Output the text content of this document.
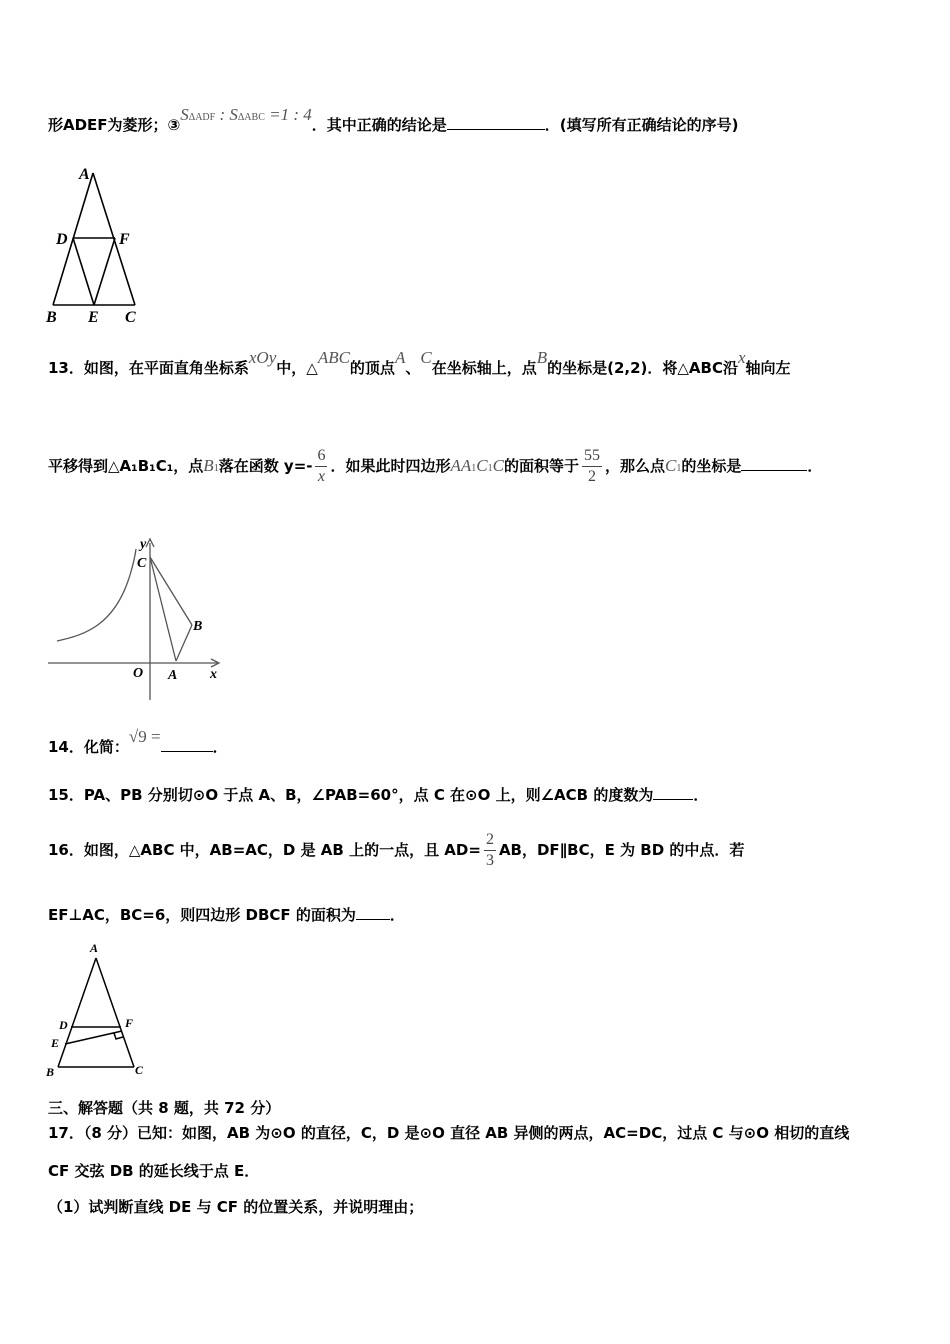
形ADEF为菱形；③SΔADF : SΔABC =1 : 4．其中正确的结论是	．(填写所有正确结论的序号)
A
D	F
B E C
13．如图，在平面直角坐标系xOy中，△ABC的顶点A、C在坐标轴上，点B的坐标是(2,2)．将△ABC沿x轴向左
平移得到△A₁B₁C₁，点B1落在函数 $y=- \frac{6}{x}$ ．如果此时四边形AA1C1C的面积等于 $\frac{55}{2}$ ，那么点C1的坐标是	．
y
C
B
O A x
14．化简：√9 =．
15．PA、PB 分别切⊙O 于点 A、B，∠PAB=60°，点 C 在⊙O 上，则∠ACB 的度数为	．
16．如图，△ABC 中，AB=AC，D 是 AB 上的一点，且 $AD= \frac{2}{3}$ AB，DF∥BC，E 为 BD 的中点．若
EF⊥AC，BC=6，则四边形 DBCF 的面积为 ．
A
D	F
E
B	C
三、解答题（共 8 题，共 72 分）
17．（8 分）已知：如图，AB 为⊙O 的直径，C，D 是⊙O 直径 AB 异侧的两点，AC=DC，过点 C 与⊙O 相切的直线
CF 交弦 DB 的延长线于点 E．
（1）试判断直线 DE 与 CF 的位置关系，并说明理由；
